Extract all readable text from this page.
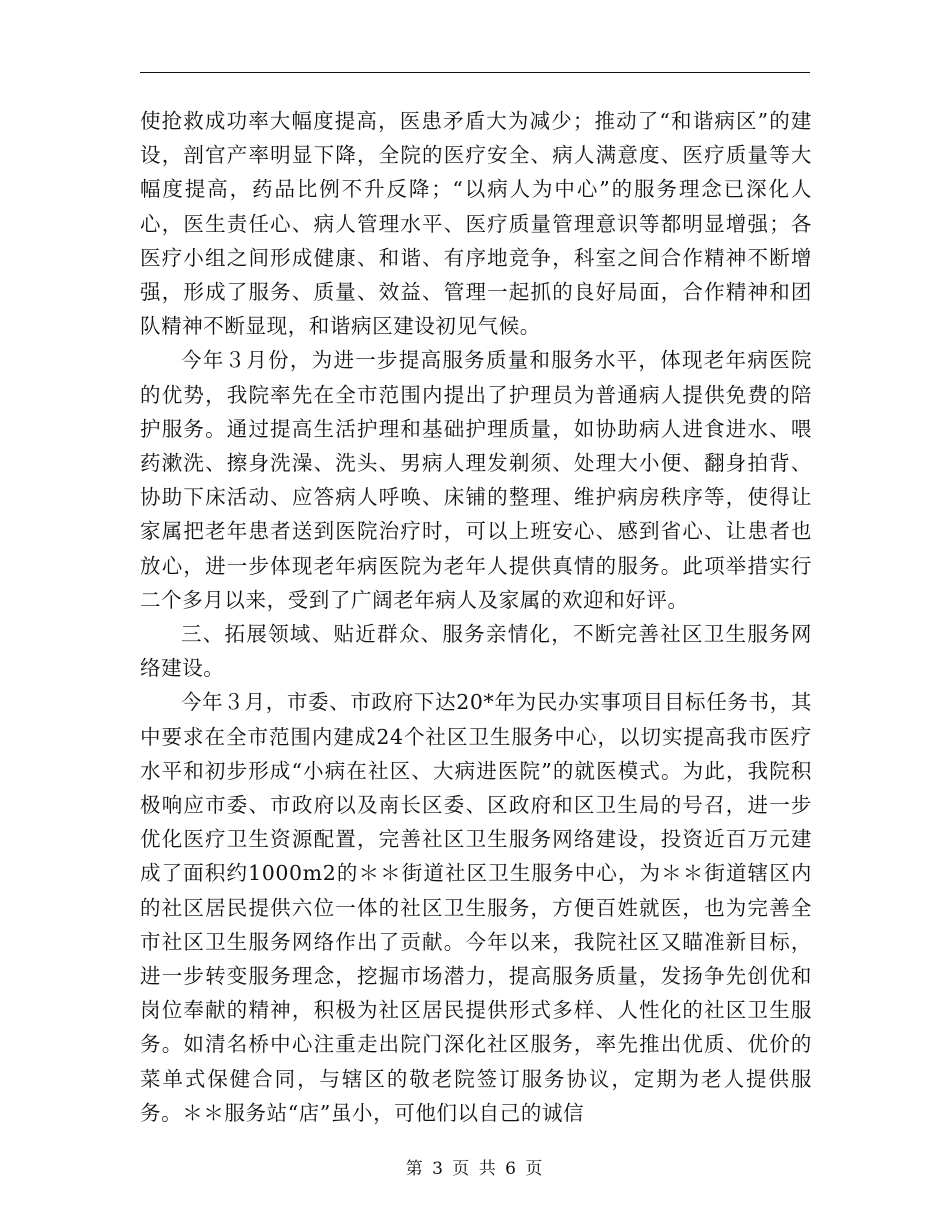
使抢救成功率大幅度提高，医患矛盾大为减少；推动了“和谐病区”的建设，剖官产率明显下降，全院的医疗安全、病人满意度、医疗质量等大幅度提高，药品比例不升反降；“以病人为中心”的服务理念已深化人心，医生责任心、病人管理水平、医疗质量管理意识等都明显增强；各医疗小组之间形成健康、和谐、有序地竞争，科室之间合作精神不断增强，形成了服务、质量、效益、管理一起抓的良好局面，合作精神和团队精神不断显现，和谐病区建设初见气候。

今年３月份，为进一步提高服务质量和服务水平，体现老年病医院的优势，我院率先在全市范围内提出了护理员为普通病人提供免费的陪护服务。通过提高生活护理和基础护理质量，如协助病人进食进水、喂药漱洗、擦身洗澡、洗头、男病人理发剃须、处理大小便、翻身拍背、协助下床活动、应答病人呼唤、床铺的整理、维护病房秩序等，使得让家属把老年患者送到医院治疗时，可以上班安心、感到省心、让患者也放心，进一步体现老年病医院为老年人提供真情的服务。此项举措实行二个多月以来，受到了广阔老年病人及家属的欢迎和好评。

三、拓展领域、贴近群众、服务亲情化，不断完善社区卫生服务网络建设。

今年３月，市委、市政府下达20*年为民办实事项目目标任务书，其中要求在全市范围内建成24个社区卫生服务中心，以切实提高我市医疗水平和初步形成“小病在社区、大病进医院”的就医模式。为此，我院积极响应市委、市政府以及南长区委、区政府和区卫生局的号召，进一步优化医疗卫生资源配置，完善社区卫生服务网络建设，投资近百万元建成了面积约1000m2的＊＊街道社区卫生服务中心，为＊＊街道辖区内的社区居民提供六位一体的社区卫生服务，方便百姓就医，也为完善全市社区卫生服务网络作出了贡献。今年以来，我院社区又瞄准新目标，进一步转变服务理念，挖掘市场潜力，提高服务质量，发扬争先创优和岗位奉献的精神，积极为社区居民提供形式多样、人性化的社区卫生服务。如清名桥中心注重走出院门深化社区服务，率先推出优质、优价的菜单式保健合同，与辖区的敬老院签订服务协议，定期为老人提供服务。＊＊服务站“店”虽小，可他们以自己的诚信

第 3 页 共 6 页
